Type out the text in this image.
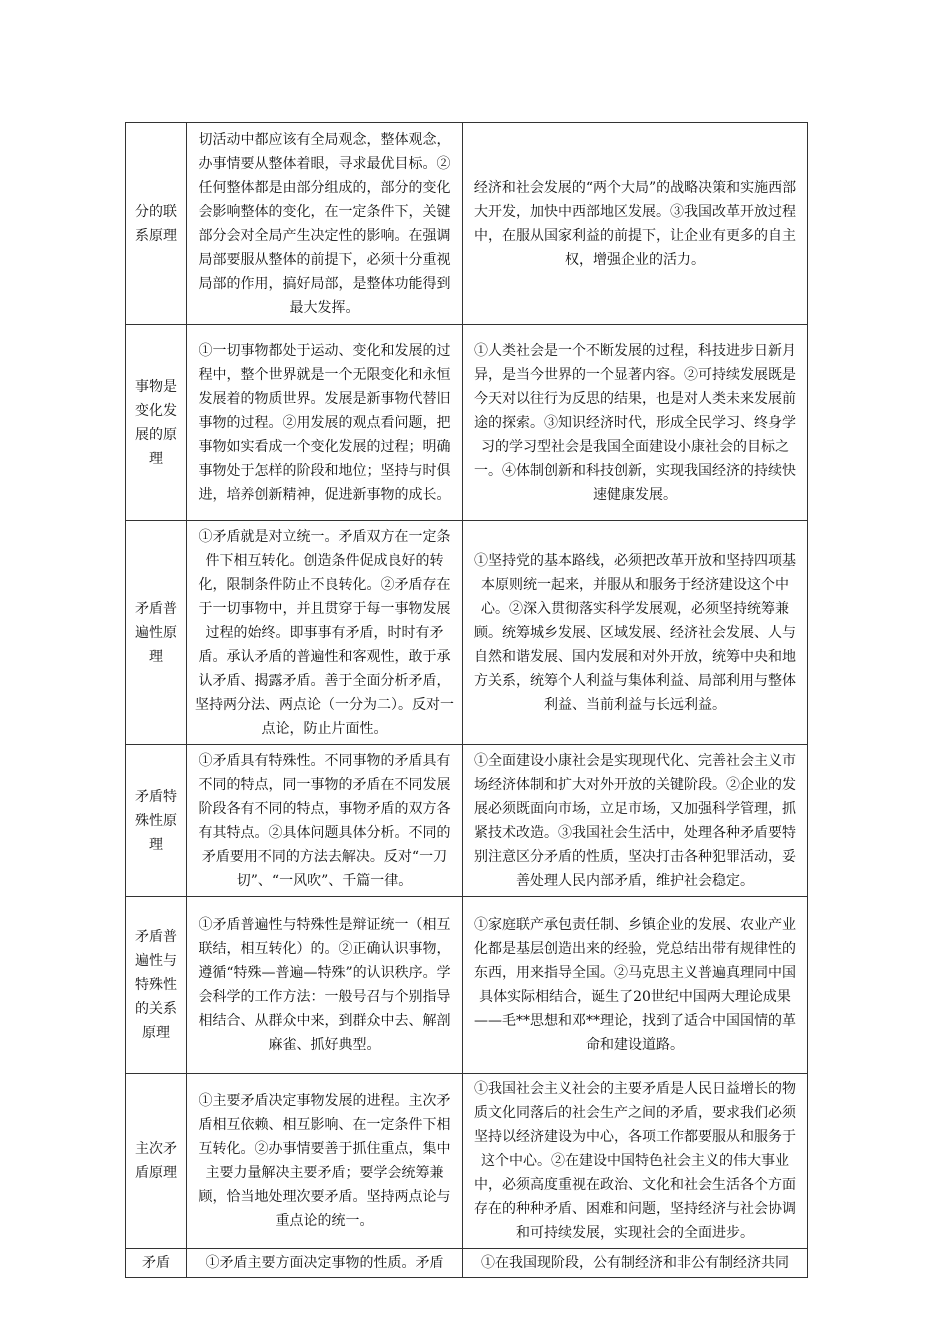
分的联系原理	切活动中都应该有全局观念，整体观念，办事情要从整体着眼，寻求最优目标。②任何整体都是由部分组成的，部分的变化会影响整体的变化，在一定条件下，关键部分会对全局产生决定性的影响。在强调局部要服从整体的前提下，必须十分重视局部的作用，搞好局部，是整体功能得到最大发挥。	经济和社会发展的“两个大局”的战略决策和实施西部大开发，加快中西部地区发展。③我国改革开放过程中，在服从国家利益的前提下，让企业有更多的自主权，增强企业的活力。
事物是变化发展的原理	①一切事物都处于运动、变化和发展的过程中，整个世界就是一个无限变化和永恒发展着的物质世界。发展是新事物代替旧事物的过程。②用发展的观点看问题，把事物如实看成一个变化发展的过程；明确事物处于怎样的阶段和地位；坚持与时俱进，培养创新精神，促进新事物的成长。	①人类社会是一个不断发展的过程，科技进步日新月异，是当今世界的一个显著内容。②可持续发展既是今天对以往行为反思的结果，也是对人类未来发展前途的探索。③知识经济时代，形成全民学习、终身学习的学习型社会是我国全面建设小康社会的目标之一。④体制创新和科技创新，实现我国经济的持续快速健康发展。
矛盾普遍性原理	①矛盾就是对立统一。矛盾双方在一定条件下相互转化。创造条件促成良好的转化，限制条件防止不良转化。②矛盾存在于一切事物中，并且贯穿于每一事物发展过程的始终。即事事有矛盾，时时有矛盾。承认矛盾的普遍性和客观性，敢于承认矛盾、揭露矛盾。善于全面分析矛盾，坚持两分法、两点论（一分为二）。反对一点论，防止片面性。	①坚持党的基本路线，必须把改革开放和坚持四项基本原则统一起来，并服从和服务于经济建设这个中心。②深入贯彻落实科学发展观，必须坚持统筹兼顾。统筹城乡发展、区域发展、经济社会发展、人与自然和谐发展、国内发展和对外开放，统筹中央和地方关系，统筹个人利益与集体利益、局部利用与整体利益、当前利益与长远利益。
矛盾特殊性原理	①矛盾具有特殊性。不同事物的矛盾具有不同的特点，同一事物的矛盾在不同发展阶段各有不同的特点，事物矛盾的双方各有其特点。②具体问题具体分析。不同的矛盾要用不同的方法去解决。反对“一刀切”、“一风吹”、千篇一律。	①全面建设小康社会是实现现代化、完善社会主义市场经济体制和扩大对外开放的关键阶段。②企业的发展必须既面向市场，立足市场，又加强科学管理，抓紧技术改造。③我国社会生活中，处理各种矛盾要特别注意区分矛盾的性质，坚决打击各种犯罪活动，妥善处理人民内部矛盾，维护社会稳定。
矛盾普遍性与特殊性的关系原理	①矛盾普遍性与特殊性是辩证统一（相互联结，相互转化）的。②正确认识事物，遵循“特殊—普遍—特殊”的认识秩序。学会科学的工作方法：一般号召与个别指导相结合、从群众中来，到群众中去、解剖麻雀、抓好典型。	①家庭联产承包责任制、乡镇企业的发展、农业产业化都是基层创造出来的经验，党总结出带有规律性的东西，用来指导全国。②马克思主义普遍真理同中国具体实际相结合，诞生了20世纪中国两大理论成果——毛**思想和邓**理论，找到了适合中国国情的革命和建设道路。
主次矛盾原理	①主要矛盾决定事物发展的进程。主次矛盾相互依赖、相互影响、在一定条件下相互转化。②办事情要善于抓住重点，集中主要力量解决主要矛盾；要学会统筹兼顾，恰当地处理次要矛盾。坚持两点论与重点论的统一。	①我国社会主义社会的主要矛盾是人民日益增长的物质文化同落后的社会生产之间的矛盾，要求我们必须坚持以经济建设为中心，各项工作都要服从和服务于这个中心。②在建设中国特色社会主义的伟大事业中，必须高度重视在政治、文化和社会生活各个方面存在的种种矛盾、困难和问题，坚持经济与社会协调和可持续发展，实现社会的全面进步。

矛盾	①矛盾主要方面决定事物的性质。矛盾	①在我国现阶段，公有制经济和非公有制经济共同
